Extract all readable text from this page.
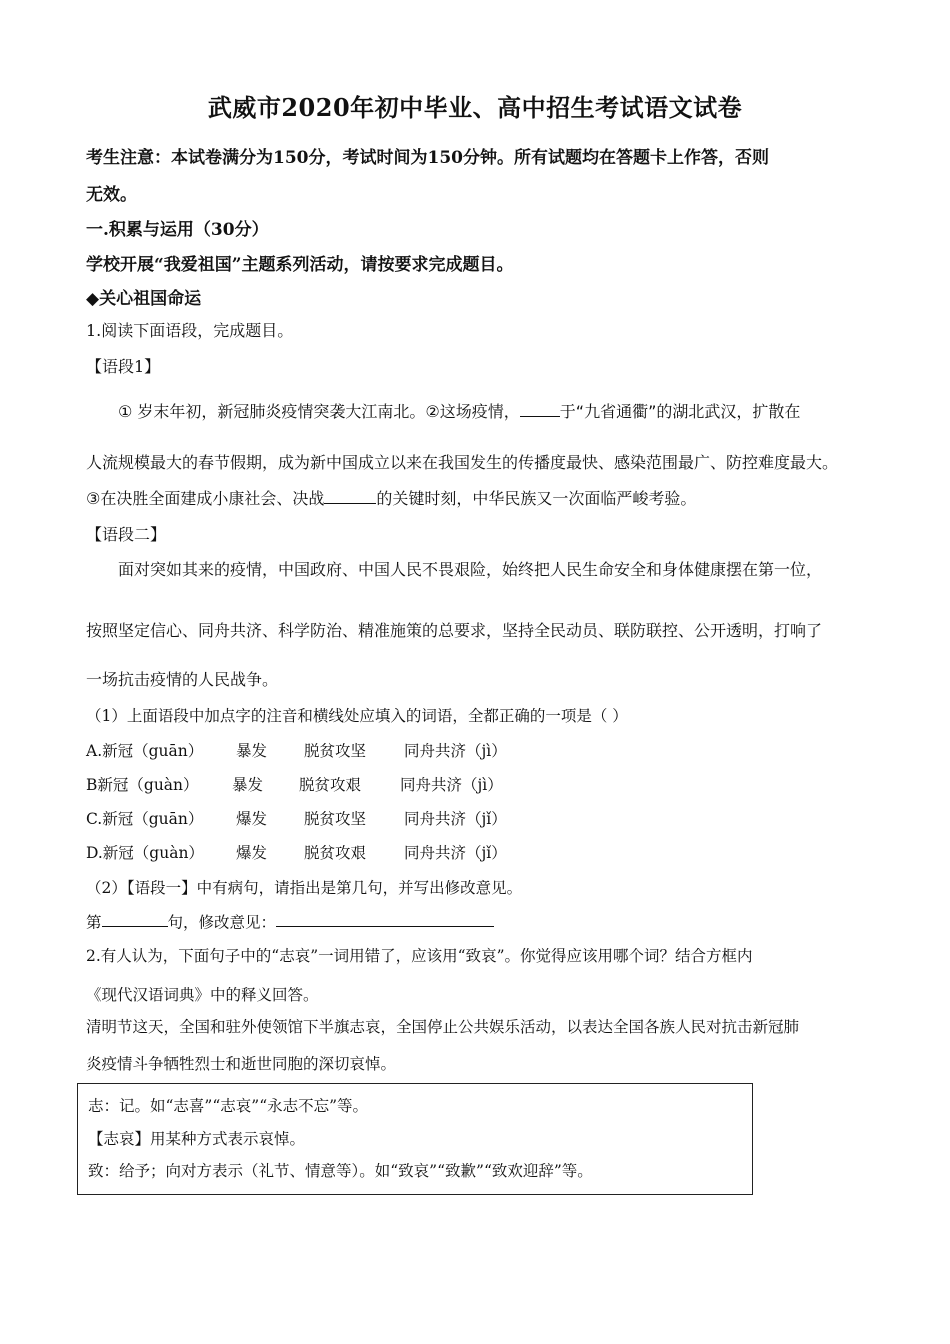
武威市2020年初中毕业、高中招生考试语文试卷
考生注意：本试卷满分为150分，考试时间为150分钟。所有试题均在答题卡上作答，否则
无效。
一.积累与运用（30分）
学校开展“我爱祖国”主题系列活动，请按要求完成题目。
◆关心祖国命运
1.阅读下面语段，完成题目。
【语段1】
① 岁末年初，新冠肺炎疫情突袭大江南北。②这场疫情，	于“九省通衢”的湖北武汉，扩散在
人流规模最大的春节假期，成为新中国成立以来在我国发生的传播度最快、感染范围最广、防控难度最大。
③在决胜全面建成小康社会、决战	的关键时刻，中华民族又一次面临严峻考验。
【语段二】
面对突如其来的疫情，中国政府、中国人民不畏艰险，始终把人民生命安全和身体健康摆在第一位，
按照坚定信心、同舟共济、科学防治、精准施策的总要求，坚持全民动员、联防联控、公开透明，打响了
一场抗击疫情的人民战争。
（1）上面语段中加点字的注音和横线处应填入的词语，全都正确的一项是（ ）
A.新冠（guān） 暴发 脱贫攻坚 同舟共济（jì）
B新冠（guàn） 暴发 脱贫攻艰	同舟共济（jì）
C.新冠（guān） 爆发 脱贫攻坚 同舟共济（jǐ）
D.新冠（guàn） 爆发 脱贫攻艰 同舟共济（jǐ）
（2）【语段一】中有病句，请指出是第几句，并写出修改意见。
第	句，修改意见：
2.有人认为，下面句子中的“志哀”一词用错了，应该用“致哀”。你觉得应该用哪个词？结合方框内
《现代汉语词典》中的释义回答。
清明节这天，全国和驻外使领馆下半旗志哀，全国停止公共娱乐活动，以表达全国各族人民对抗击新冠肺
炎疫情斗争牺牲烈士和逝世同胞的深切哀悼。
志：记。如“志喜”“志哀”“永志不忘”等。
【志哀】用某种方式表示哀悼。
致：给予；向对方表示（礼节、情意等）。如“致哀”“致歉”“致欢迎辞”等。
